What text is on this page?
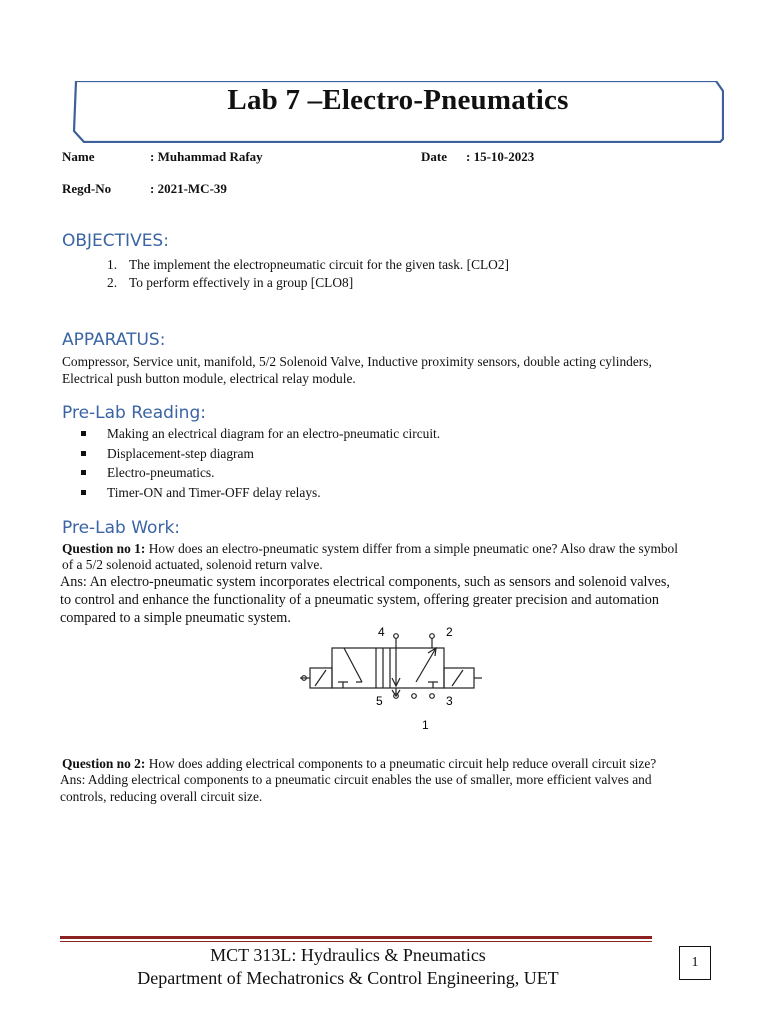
Lab 7 –Electro-Pneumatics
Name	: Muhammad Rafay	Date : 15-10-2023
Regd-No	: 2021-MC-39
OBJECTIVES:
1. The implement the electropneumatic circuit for the given task. [CLO2]
2. To perform effectively in a group [CLO8]
APPARATUS:
Compressor, Service unit, manifold, 5/2 Solenoid Valve, Inductive proximity sensors, double acting cylinders,
Electrical push button module, electrical relay module.
Pre-Lab Reading:
Making an electrical diagram for an electro-pneumatic circuit.
Displacement-step diagram
Electro-pneumatics.
Timer-ON and Timer-OFF delay relays.
Pre-Lab Work:
Question no 1: How does an electro-pneumatic system differ from a simple pneumatic one? Also draw the symbol
of a 5/2 solenoid actuated, solenoid return valve.
Ans: An electro-pneumatic system incorporates electrical components, such as sensors and solenoid valves,
to control and enhance the functionality of a pneumatic system, offering greater precision and automation
compared to a simple pneumatic system.
4	2
5	3
1
Question no 2: How does adding electrical components to a pneumatic circuit help reduce overall circuit size?
Ans: Adding electrical components to a pneumatic circuit enables the use of smaller, more efficient valves and
controls, reducing overall circuit size.
MCT 313L: Hydraulics & Pneumatics
Department of Mechatronics & Control Engineering, UET
1
